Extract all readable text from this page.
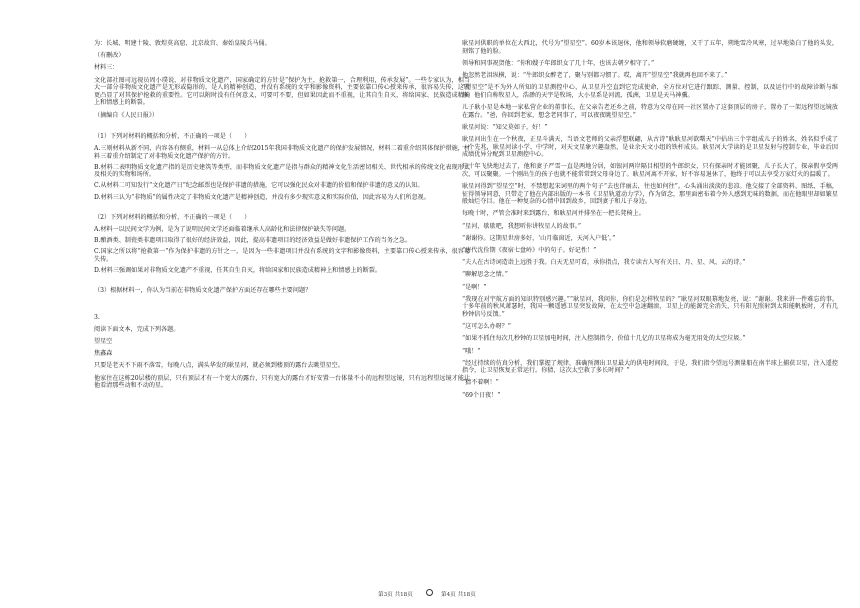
为：长城、明建十陵、敦煌莫高窟、北京故宫、秦始皇陵兵马俑。

（有删改）

材料三：

文化部社图司远视员周小璞说，对非物质文化遗产，国家确定的方针是“保护为主，抢救第一，合理利用，传承发展”。一些专家认为，相当大一部分非物质文化遗产是无形或隐形的，是人的精神创造，并没有系统的文字和影像资料，主要依靠口传心授来传承，很容易失传，这就更凸显了对其保护抢救的重要性。它可以附时没有任何意义，可要可不要，但如果因此而不重视，让其自生自灭，将给国家、民族造成精神上和情感上的断裂。

（摘编自《人民日报》）

（1）下列对材料的概括和分析，不正确的一项是（　　）

A.三则材料从新不同，内容各有侧重，材料一从总体上介绍2015年我国非物质文化遗产的保护发展情况，材料二着重介绍其体保护措施，材料三着重介绍制定了对非物质文化遗产保护的方针。

B.材料二表明物质文化遗产指的是历史建筑等类型，而非物质文化遗产是指与群众的精神文化生活密切相关、世代相承的传统文化表现形式及相关的实物和场所。

C.从材料二可知发行“文化遗产日”纪念邮票也是保护非遗的措施，它可以强化民众对非遗的价值和保护非遗的意义的认知。

D.材料三认为“非物质”的属性决定了非物质文化遗产是精神创造，并没有多少现实意义和实际价值，因此容易为人们所忽视。

（2）下列对材料的概括和分析，不正确的一项是（　　）

A.材料一以民间文学为例，是为了说明民间文学还面临着继承人高龄化和法律保护缺失等问题。

B.酿酒类、制瓷类非遗项目取得了很好的经济效益，因此，提高非遗项目的经济效益是做好非遗保护工作的当务之急。

C.国家之所以将“抢救第一”作为保护非遗的方针之一，是因为一些非遗项目并没有系统的文字和影像资料，主要靠口传心授来传承，很容易失传。

D.材料三强调如果对非物质文化遗产不重视，任其自生自灭，将给国家和民族造成精神上和情感上的断裂。

（3）根据材料一，你认为当前在非物质文化遗产保护方面还存在哪些主要问题？

3.

阅读下面文本，完成下列各题。

望星空

焦鑫森

只要是老天不下雨不落雪，每晚八点，满头华发的耿星河，就必须到楼顶的露台去眺望星空。

他家住在这栋20层楼的顶层，只有顶层才有一个宽大的露台，只有宽大的露台才好安置一台体量不小的远程望远镜，只有远程望远镜才能让他看清那些动和不动的星。

耿星河供职的单位在大西北，代号为“望星空”。60岁本该退休，他和领导软磨硬缠，又干了五年，朔地雪冷风寒，过早地染白了他的头发，刻铭了他的脸。

领导和同事祝贺他：“你和嫂子年郎织女了几十年，也该去朝夕相守了。”

他忽然老泪纵横，说：“牛郎织女醉老了，聚与别都习惯了。哎，离开“望星空”我就再也回不来了。”

“望星空”是不为外人所知的卫星测控中心，从卫星升空直到它完成使命，全方位对它进行跟踪、测量、控制，以及运行中的故障诊断与维修。他们自称牧星人，浩渺的天宇是牧场，大小星系是河流、孤洲，卫星是天马神骥。

儿子耿小星是本地一家私营企业的董事长，在父亲告老还乡之前，特意为父母在同一社区置办了这套顶层的房子，置办了一架远程望远镜放在露台。“爸，你回到老家，想念老同事了，可以夜夜眺望星空。”

耿星河说：“知父莫如子，好！”

耿星河出生在一个秋夜，正星斗满天，当语文老师的父亲浮想联翩，从古诗“耿耿星河欲曙天”中拈出三个字组成儿子的姓名，姓名似乎成了一个先兆，耿星河读小学、中学时，对天文星象兴趣盎然，是业余天文小组的铁杆成员。耿星河大学读的是卫星发射与控制专业，毕业后因成绩优异分配到卫星测控中心。

几十年飞快地过去了，他和妻子严雪一直是两地分居，如银河两岸隔目相望的牛郎织女，只有探亲时才能团聚，儿子长大了，探亲假享受两次，可以聚聚。一个刚出生的孩子也就不能常常到父母身边了。耿星河离不开家，好不容易退休了，他终于可以去享受万家灯火的温暖了。

耿星河得到“望星空”时，不禁想起宋词里的两个句子“去也伴丽去，往也如何往”。心头涌出淡淡的悲凉。他交接了全部资料、图纸、手稿，征得领导同意，只带走了他在内部出版的一本书《卫星轨道动力学》，作为留念，那里面密布着令外人感到无味的数据，而在他眼里却如繁星般灿烂夺目。他在一种复杂的心情中回到故乡，回到妻子和儿子身边。

每晚十时，严管会准时来到露台，和耿星河并排坐在一把长凳椅上。

“星河，歇歇吧，我想听你讲牧星人的故事。”

“谢谢你。这期星世房多好，‘山月临窗近，天河入户低’。”

“唐代沈佺期《夜宿七盘岭》中的句子。好记性！”

“夫人在古诗词造诣上远胜于我。白天无星可看，承你指点，我专读古人写有关日、月、星、风、云的诗。”

“聊解思念之情。”

“是啊！”

“我现在对宇航方面的知识特别感兴趣。”“耿星河，我问你，你们是怎样牧星的？”耿星河双眼幕地发亮，说：“谢谢。我来讲一件难忘的事。十多年前的秋风萧瑟时，我国一颗遥感卫星突发故障，在太空中急速翻滚，卫星上的能源完全消失，只有阳光照射到太阳能帆板时，才有几秒钟信号反馈。”

“这可怎么办呀？”

“如果不抓住每次几秒钟的卫星加电时间，注入控制指令，价值十几亿的卫星将成为毫无用处的太空垃圾。”

“哦！”

“经过持续的仿真分析，我们掌握了规律，准确预测出卫星最大的供电时间段，于是，我们指令望远号测量船在南半球上捕获卫星，注入遥控指令，让卫星恢复正常运行。你猜，这次太空救了多长时间？”

“猜不着啊！”

“69个日夜！”

第3页 共18页	第4页 共18页
